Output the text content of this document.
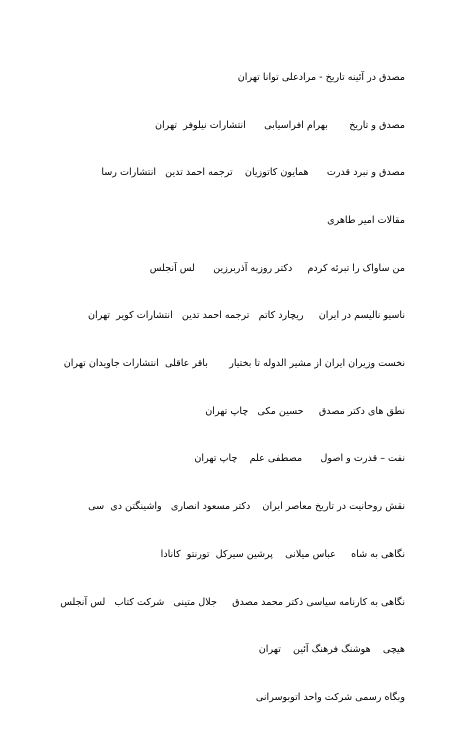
مصدق در آئینه تاریخ - مرادعلی توانا تهران

مصدق و تاریخ       بهرام افراسیابی      انتشارات نیلوفر  تهران

مصدق و نبرد قدرت      همایون کاتوزیان    ترجمه احمد تدین   انتشارات رسا

مقالات امیر طاهری

من ساواک را تبرئه کردم     دکتر روزبه آذربرزین      لس آنجلس

ناسیو نالیسم در ایران     ریچارد کاتم   ترجمه احمد تدین   انتشارات کویر  تهران

نخست وزیران ایران از مشیر الدوله تا بختیار       باقر عاقلی  انتشارات جاویدان تهران

نطق های دکتر مصدق     حسین مکی   چاپ تهران

نفت – قدرت و اصول      مصطفی علم    چاپ تهران

نقش روحانیت در تاریخ معاصر ایران    دکتر مسعود انصاری   واشینگتن دی  سی

نگاهی به شاه     عباس میلانی    پرشین سیرکل  تورنتو  کانادا

نگاهی به کارنامه سیاسی دکتر محمد مصدق     جلال متینی   شرکت کتاب   لس آنجلس

هیچی    هوشنگ فرهنگ آئین    تهران

وبگاه رسمی شرکت واحد اتوبوسرانی
